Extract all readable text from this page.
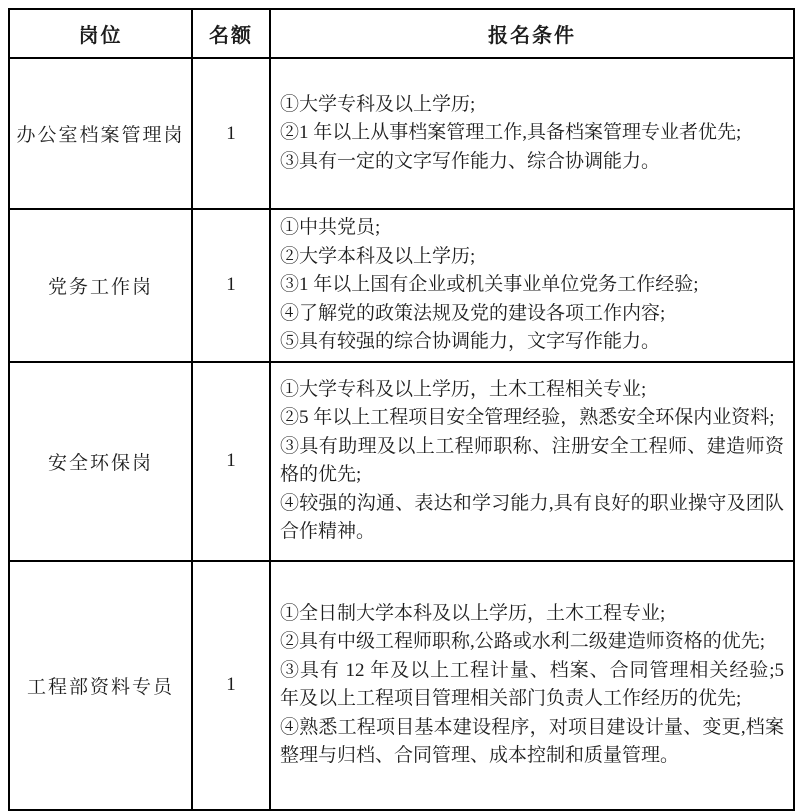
岗位	名额	报名条件
办公室档案管理岗	1	①大学专科及以上学历;
②1 年以上从事档案管理工作,具备档案管理专业者优先;
③具有一定的文字写作能力、综合协调能力。

党务工作岗	1	①中共党员;
②大学本科及以上学历;
③1 年以上国有企业或机关事业单位党务工作经验;
④了解党的政策法规及党的建设各项工作内容;
⑤具有较强的综合协调能力，文字写作能力。

安全环保岗	1	①大学专科及以上学历，土木工程相关专业;
②5 年以上工程项目安全管理经验，熟悉安全环保内业资料;
③具有助理及以上工程师职称、注册安全工程师、建造师资格的优先;
④较强的沟通、表达和学习能力,具有良好的职业操守及团队合作精神。

工程部资料专员	1	①全日制大学本科及以上学历，土木工程专业;
②具有中级工程师职称,公路或水利二级建造师资格的优先;
③具有 12 年及以上工程计量、档案、合同管理相关经验;5 年及以上工程项目管理相关部门负责人工作经历的优先;
④熟悉工程项目基本建设程序，对项目建设计量、变更,档案整理与归档、合同管理、成本控制和质量管理。
